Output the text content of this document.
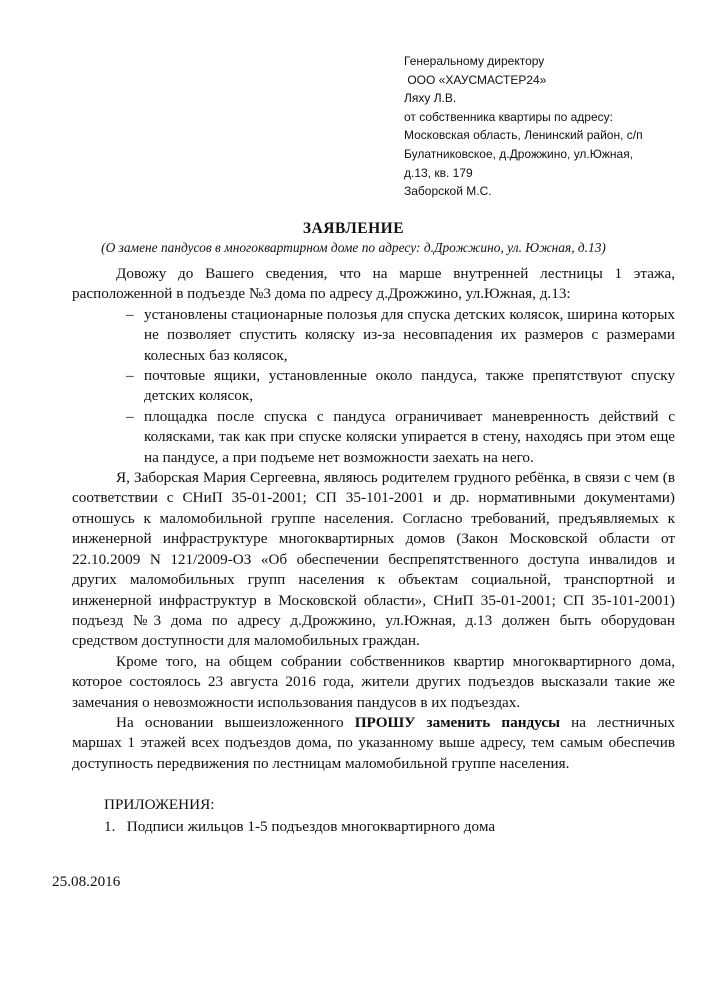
Генеральному директору
ООО «ХАУСМАСТЕР24»
Ляху Л.В.
от собственника квартиры по адресу:
Московская область, Ленинский район, с/п
Булатниковское, д.Дрожжино, ул.Южная,
д.13, кв. 179
Заборской М.С.
ЗАЯВЛЕНИЕ
(О замене пандусов в многоквартирном доме по адресу: д.Дрожжино, ул. Южная, д.13)

Довожу до Вашего сведения, что на марше внутренней лестницы 1 этажа, расположенной в подъезде №3 дома по адресу д.Дрожжино, ул.Южная, д.13:

– установлены стационарные полозья для спуска детских колясок, ширина которых не позволяет спустить коляску из-за несовпадения их размеров с размерами колесных баз колясок,
– почтовые ящики, установленные около пандуса, также препятствуют спуску детских колясок,
– площадка после спуска с пандуса ограничивает маневренность действий с колясками, так как при спуске коляски упирается в стену, находясь при этом еще на пандусе, а при подъеме нет возможности заехать на него.

Я, Заборская Мария Сергеевна, являюсь родителем грудного ребёнка, в связи с чем (в соответствии с СНиП 35-01-2001; СП 35-101-2001 и др. нормативными документами) отношусь к маломобильной группе населения. Согласно требований, предъявляемых к инженерной инфраструктуре многоквартирных домов (Закон Московской области от 22.10.2009 N 121/2009-ОЗ «Об обеспечении беспрепятственного доступа инвалидов и других маломобильных групп населения к объектам социальной, транспортной и инженерной инфраструктур в Московской области», СНиП 35-01-2001; СП 35-101-2001) подъезд №3 дома по адресу д.Дрожжино, ул.Южная, д.13 должен быть оборудован средством доступности для маломобильных граждан.

Кроме того, на общем собрании собственников квартир многоквартирного дома, которое состоялось 23 августа 2016 года, жители других подъездов высказали такие же замечания о невозможности использования пандусов в их подъездах.

На основании вышеизложенного ПРОШУ заменить пандусы на лестничных маршах 1 этажей всех подъездов дома, по указанному выше адресу, тем самым обеспечив доступность передвижения по лестницам маломобильной группе населения.

ПРИЛОЖЕНИЯ:
1. Подписи жильцов 1-5 подъездов многоквартирного дома
25.08.2016
